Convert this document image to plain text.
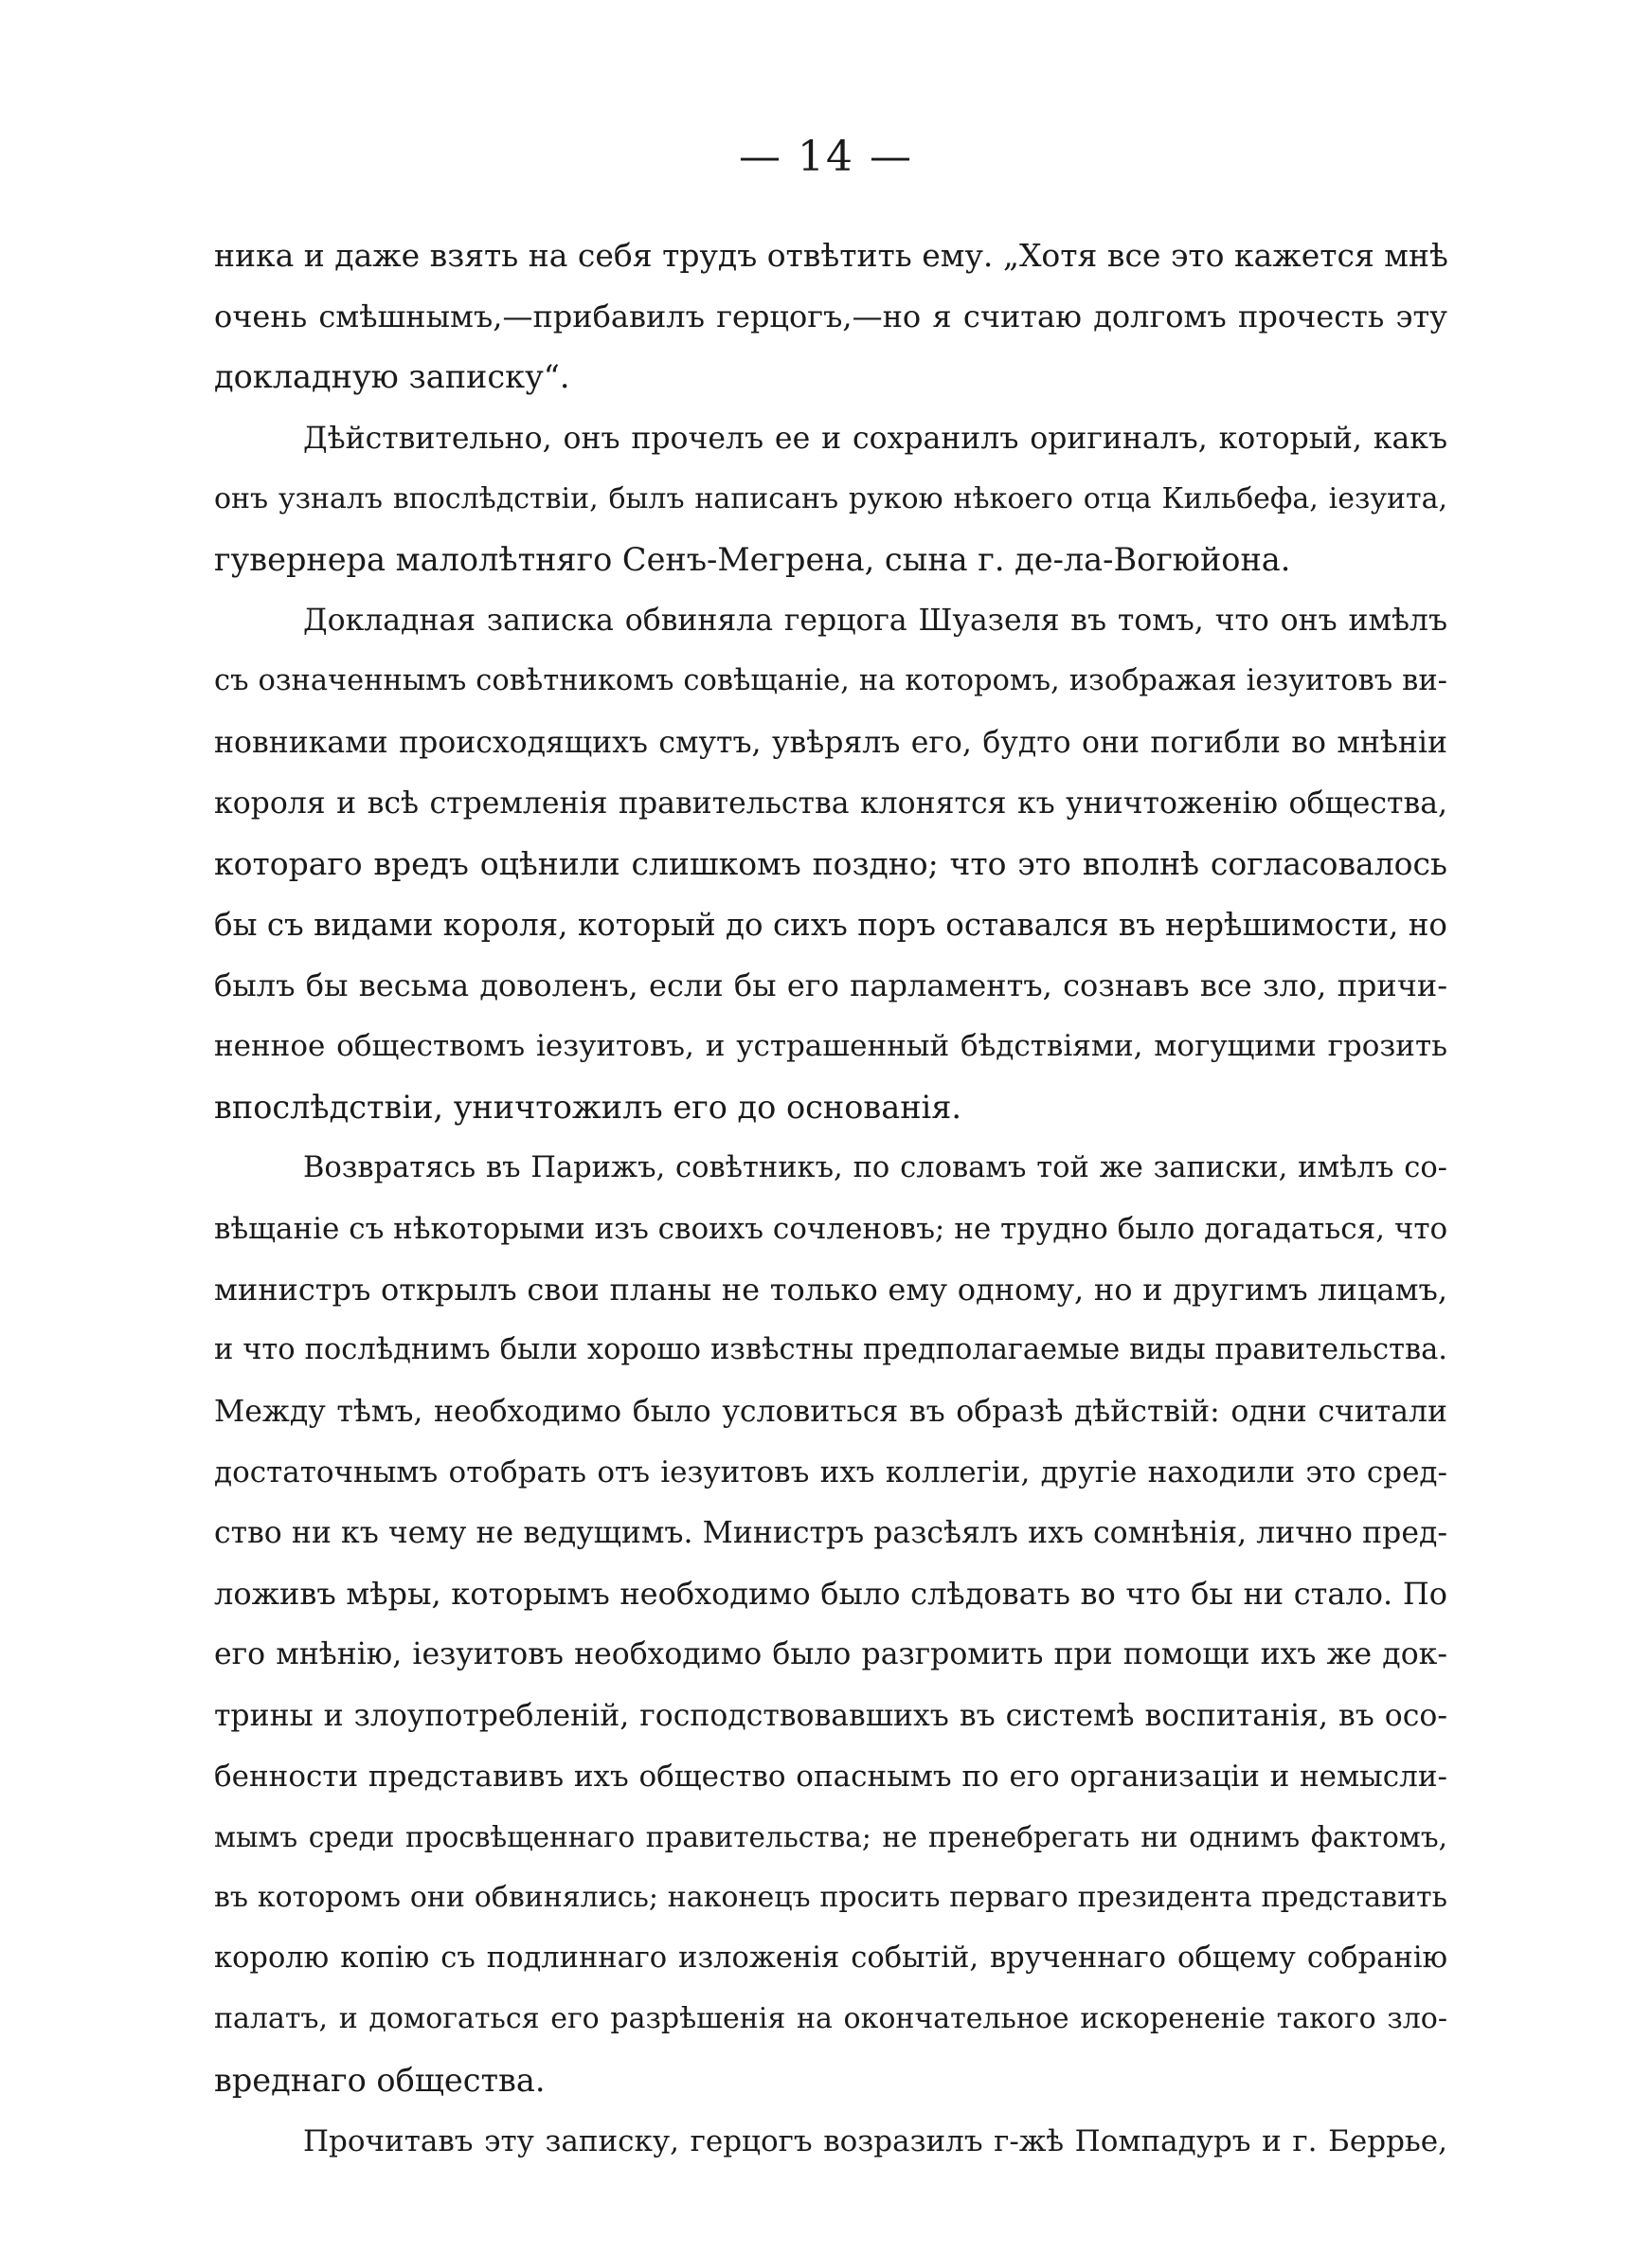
— 14 —
ника и даже взять на себя трудъ отвѣтить ему. „Хотя все это кажется мнѣ
очень смѣшнымъ,—прибавилъ герцогъ,—но я считаю долгомъ прочесть эту
докладную записку“.
Дѣйствительно, онъ прочелъ ее и сохранилъ оригиналъ, который, какъ
онъ узналъ впослѣдствіи, былъ написанъ рукою нѣкоего отца Кильбефа, іезуита,
гувернера малолѣтняго Сенъ-Мегрена, сына г. де-ла-Вогюйона.
Докладная записка обвиняла герцога Шуазеля въ томъ, что онъ имѣлъ
съ означеннымъ совѣтникомъ совѣщаніе, на которомъ, изображая іезуитовъ ви-
новниками происходящихъ смутъ, увѣрялъ его, будто они погибли во мнѣніи
короля и всѣ стремленія правительства клонятся къ уничтоженію общества,
котораго вредъ оцѣнили слишкомъ поздно; что это вполнѣ согласовалось
бы съ видами короля, который до сихъ поръ оставался въ нерѣшимости, но
былъ бы весьма доволенъ, если бы его парламентъ, сознавъ все зло, причи-
ненное обществомъ іезуитовъ, и устрашенный бѣдствіями, могущими грозить
впослѣдствіи, уничтожилъ его до основанія.
Возвратясь въ Парижъ, совѣтникъ, по словамъ той же записки, имѣлъ со-
вѣщаніе съ нѣкоторыми изъ своихъ сочленовъ; не трудно было догадаться, что
министръ открылъ свои планы не только ему одному, но и другимъ лицамъ,
и что послѣднимъ были хорошо извѣстны предполагаемые виды правительства.
Между тѣмъ, необходимо было условиться въ образѣ дѣйствій: одни считали
достаточнымъ отобрать отъ іезуитовъ ихъ коллегіи, другіе находили это сред-
ство ни къ чему не ведущимъ. Министръ разсѣялъ ихъ сомнѣнія, лично пред-
ложивъ мѣры, которымъ необходимо было слѣдовать во что бы ни стало. По
его мнѣнію, іезуитовъ необходимо было разгромить при помощи ихъ же док-
трины и злоупотребленій, господствовавшихъ въ системѣ воспитанія, въ осо-
бенности представивъ ихъ общество опаснымъ по его организаціи и немысли-
мымъ среди просвѣщеннаго правительства; не пренебрегать ни однимъ фактомъ,
въ которомъ они обвинялись; наконецъ просить перваго президента представить
королю копію съ подлиннаго изложенія событій, врученнаго общему собранію
палатъ, и домогаться его разрѣшенія на окончательное искорененіе такого зло-
вреднаго общества.
Прочитавъ эту записку, герцогъ возразилъ г-жѣ Помпадуръ и г. Беррье,
